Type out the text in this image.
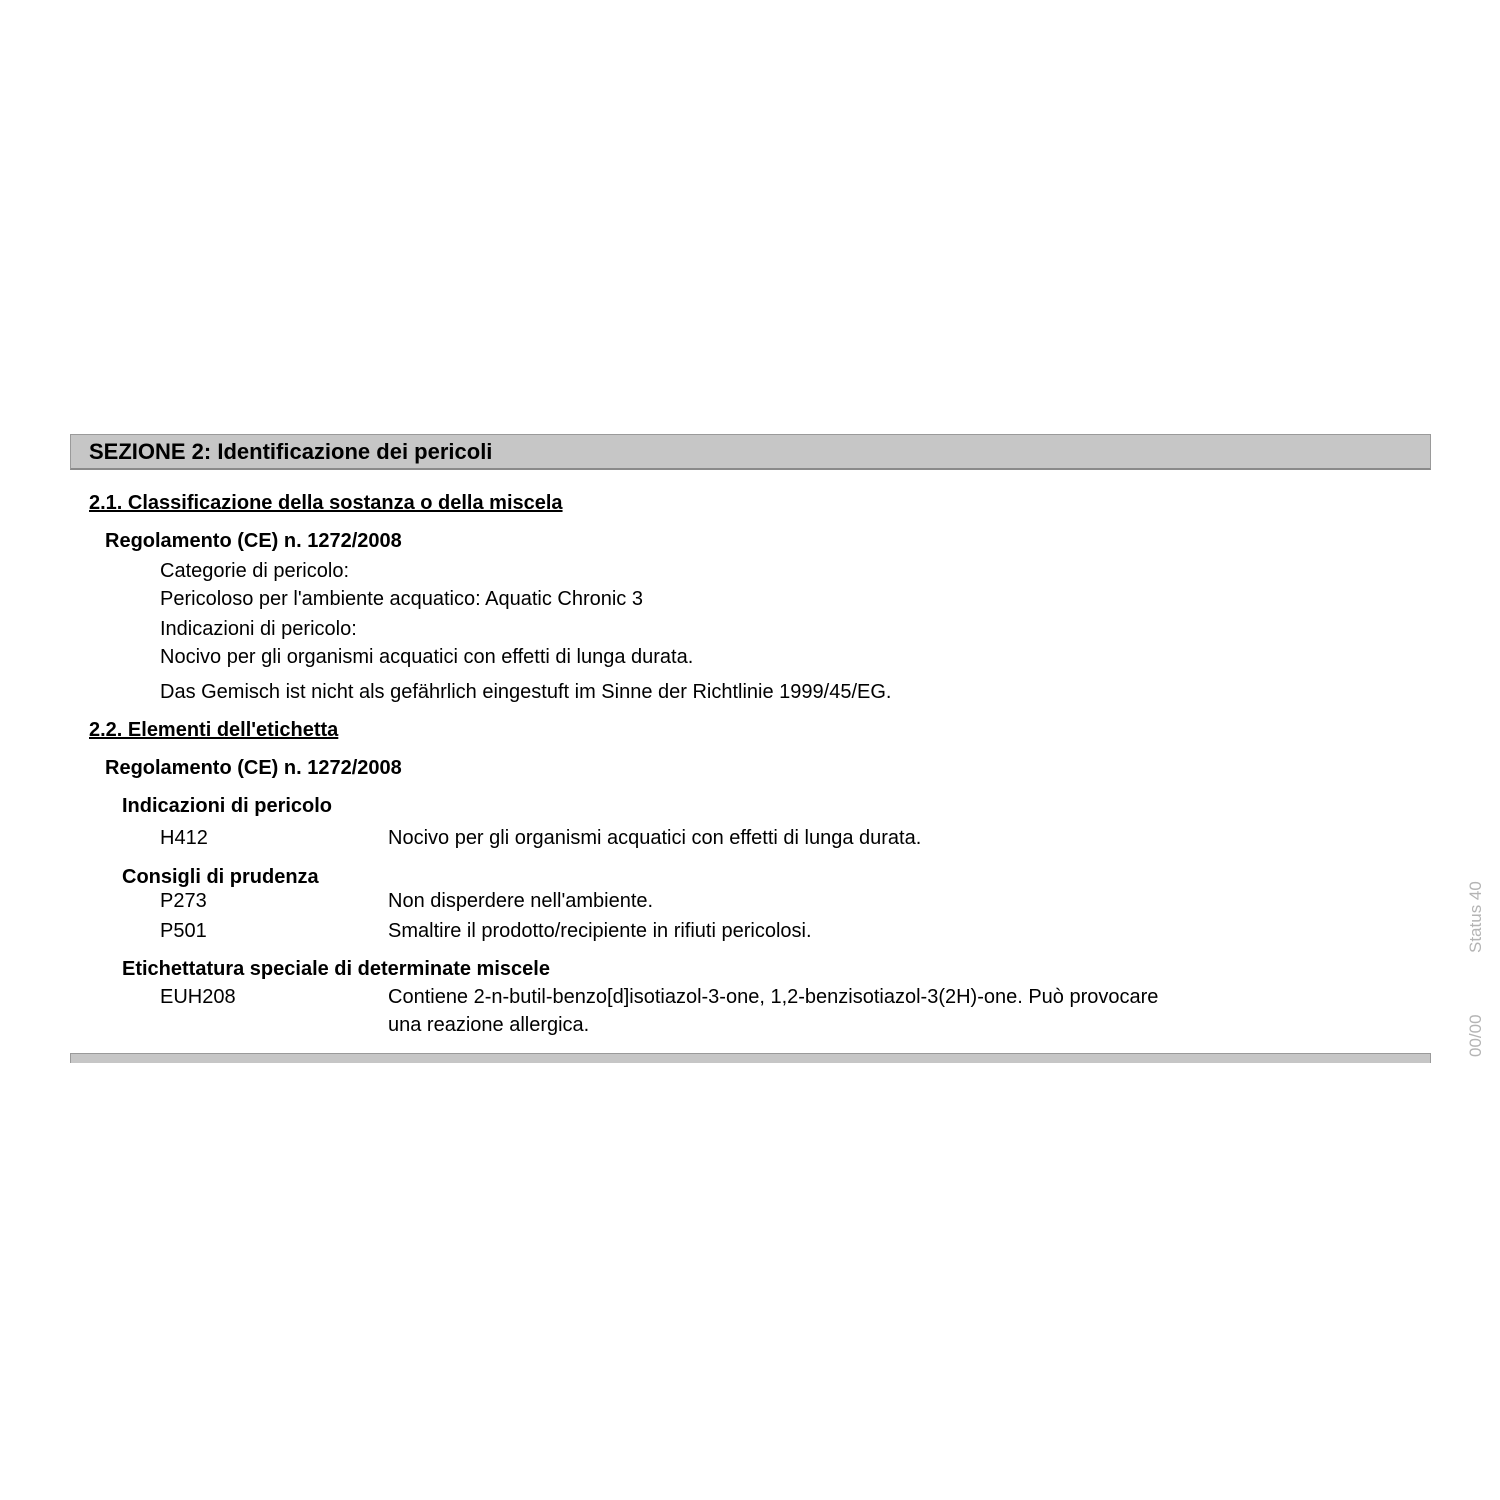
SEZIONE 2: Identificazione dei pericoli
2.1. Classificazione della sostanza o della miscela
Regolamento (CE) n. 1272/2008
Categorie di pericolo:
Pericoloso per l'ambiente acquatico: Aquatic Chronic 3
Indicazioni di pericolo:
Nocivo per gli organismi acquatici con effetti di lunga durata.
Das Gemisch ist nicht als gefährlich eingestuft im Sinne der Richtlinie 1999/45/EG.
2.2. Elementi dell'etichetta
Regolamento (CE) n. 1272/2008
Indicazioni di pericolo
H412	Nocivo per gli organismi acquatici con effetti di lunga durata.
Consigli di prudenza
P273	Non disperdere nell'ambiente.
P501	Smaltire il prodotto/recipiente in rifiuti pericolosi.
Etichettatura speciale di determinate miscele
EUH208	Contiene 2-n-butil-benzo[d]isotiazol-3-one, 1,2-benzisotiazol-3(2H)-one. Può provocare
una reazione allergica.
Status 40
00/00
